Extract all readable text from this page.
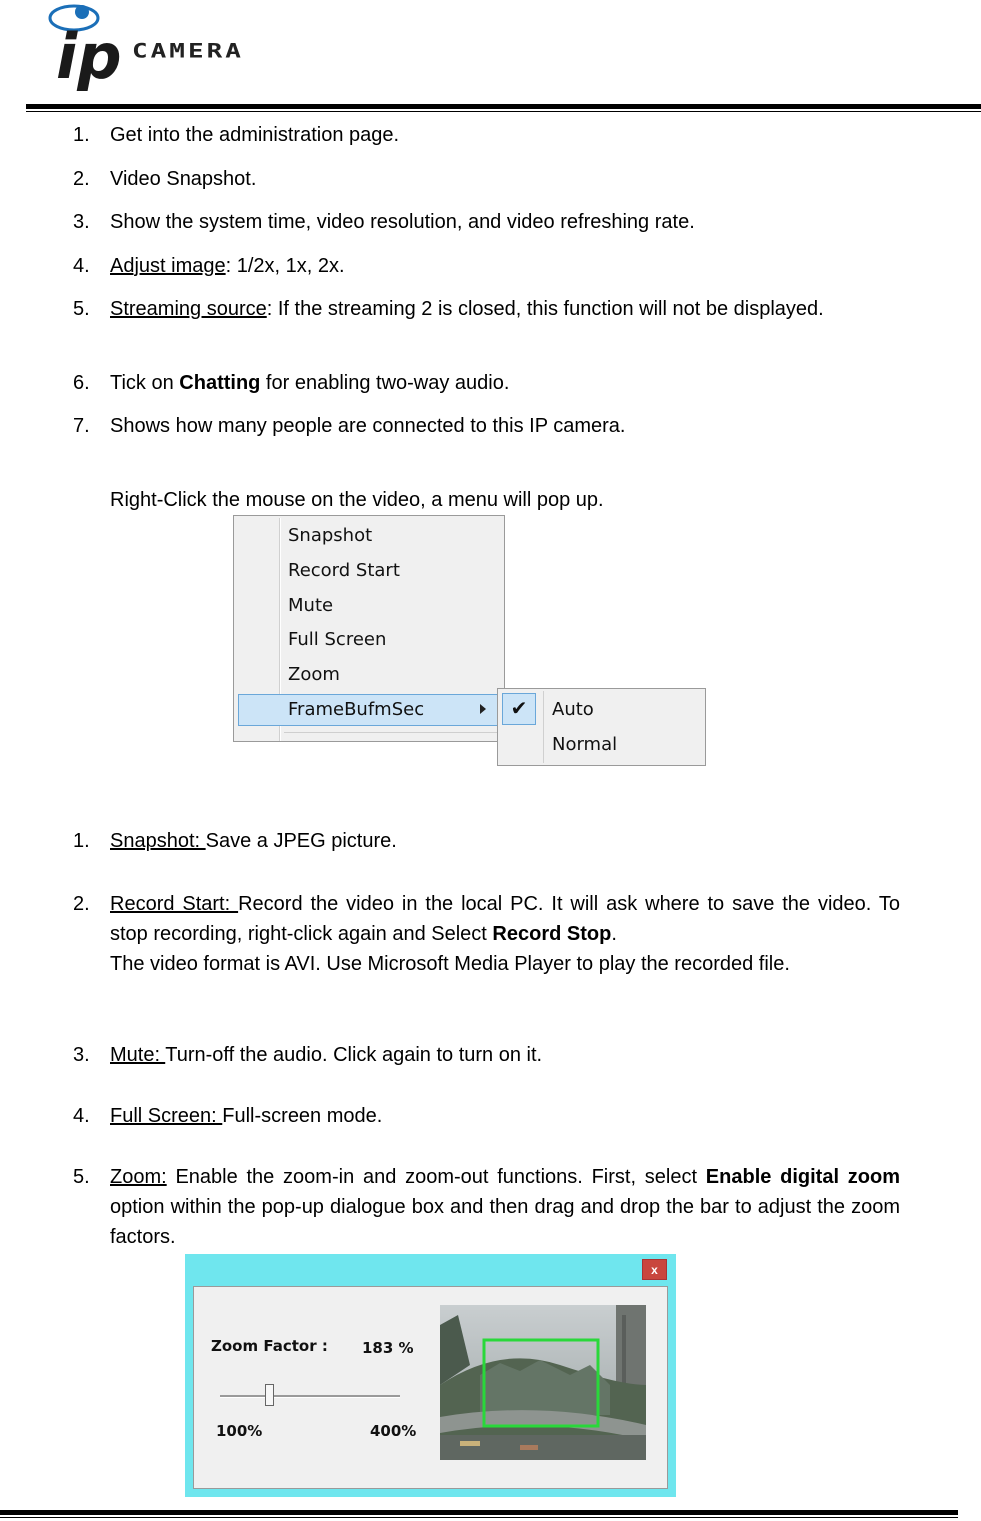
ip CAMERA
1. Get into the administration page.
2. Video Snapshot.
3. Show the system time, video resolution, and video refreshing rate.
4. Adjust image: 1/2x, 1x, 2x.
5. Streaming source: If the streaming 2 is closed, this function will not be displayed.
6. Tick on Chatting for enabling two-way audio.
7. Shows how many people are connected to this IP camera.
Right-Click the mouse on the video, a menu will pop up.
Snapshot
Record Start
Mute
Full Screen
Zoom
FrameBufmSec	✔	Auto
Normal
1. Snapshot: Save a JPEG picture.
2. Record Start: Record the video in the local PC. It will ask where to save the video. To stop recording, right-click again and Select Record Stop.
The video format is AVI. Use Microsoft Media Player to play the recorded file.
3. Mute: Turn-off the audio. Click again to turn on it.
4. Full Screen: Full-screen mode.
5. Zoom: Enable the zoom-in and zoom-out functions. First, select Enable digital zoom option within the pop-up dialogue box and then drag and drop the bar to adjust the zoom factors.
x
Zoom Factor : 183 %
100%	400%
